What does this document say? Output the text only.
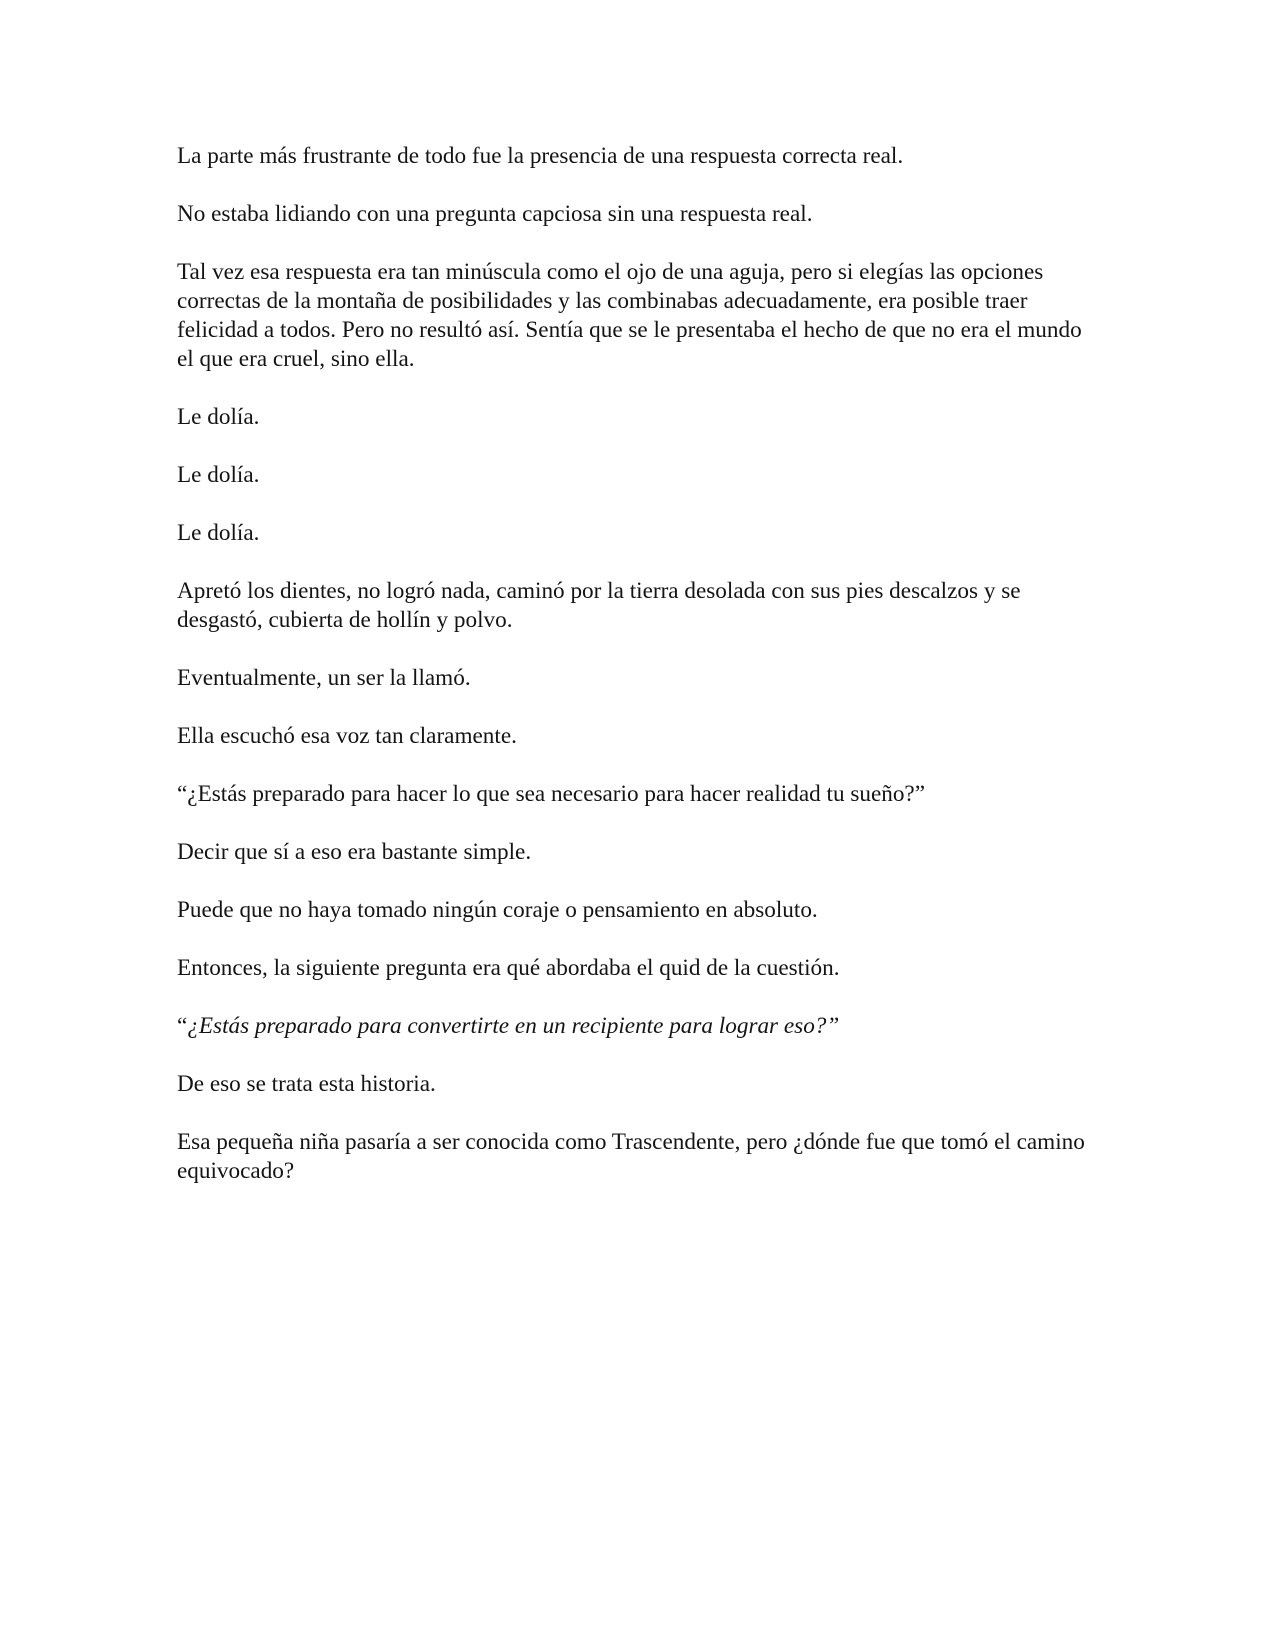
La parte más frustrante de todo fue la presencia de una respuesta correcta real.

No estaba lidiando con una pregunta capciosa sin una respuesta real.

Tal vez esa respuesta era tan minúscula como el ojo de una aguja, pero si elegías las opciones correctas de la montaña de posibilidades y las combinabas adecuadamente, era posible traer felicidad a todos. Pero no resultó así. Sentía que se le presentaba el hecho de que no era el mundo el que era cruel, sino ella.

Le dolía.

Le dolía.

Le dolía.

Apretó los dientes, no logró nada, caminó por la tierra desolada con sus pies descalzos y se desgastó, cubierta de hollín y polvo.

Eventualmente, un ser la llamó.

Ella escuchó esa voz tan claramente.

“¿Estás preparado para hacer lo que sea necesario para hacer realidad tu sueño?”

Decir que sí a eso era bastante simple.

Puede que no haya tomado ningún coraje o pensamiento en absoluto.

Entonces, la siguiente pregunta era qué abordaba el quid de la cuestión.

“¿Estás preparado para convertirte en un recipiente para lograr eso?”

De eso se trata esta historia.

Esa pequeña niña pasaría a ser conocida como Trascendente, pero ¿dónde fue que tomó el camino equivocado?
